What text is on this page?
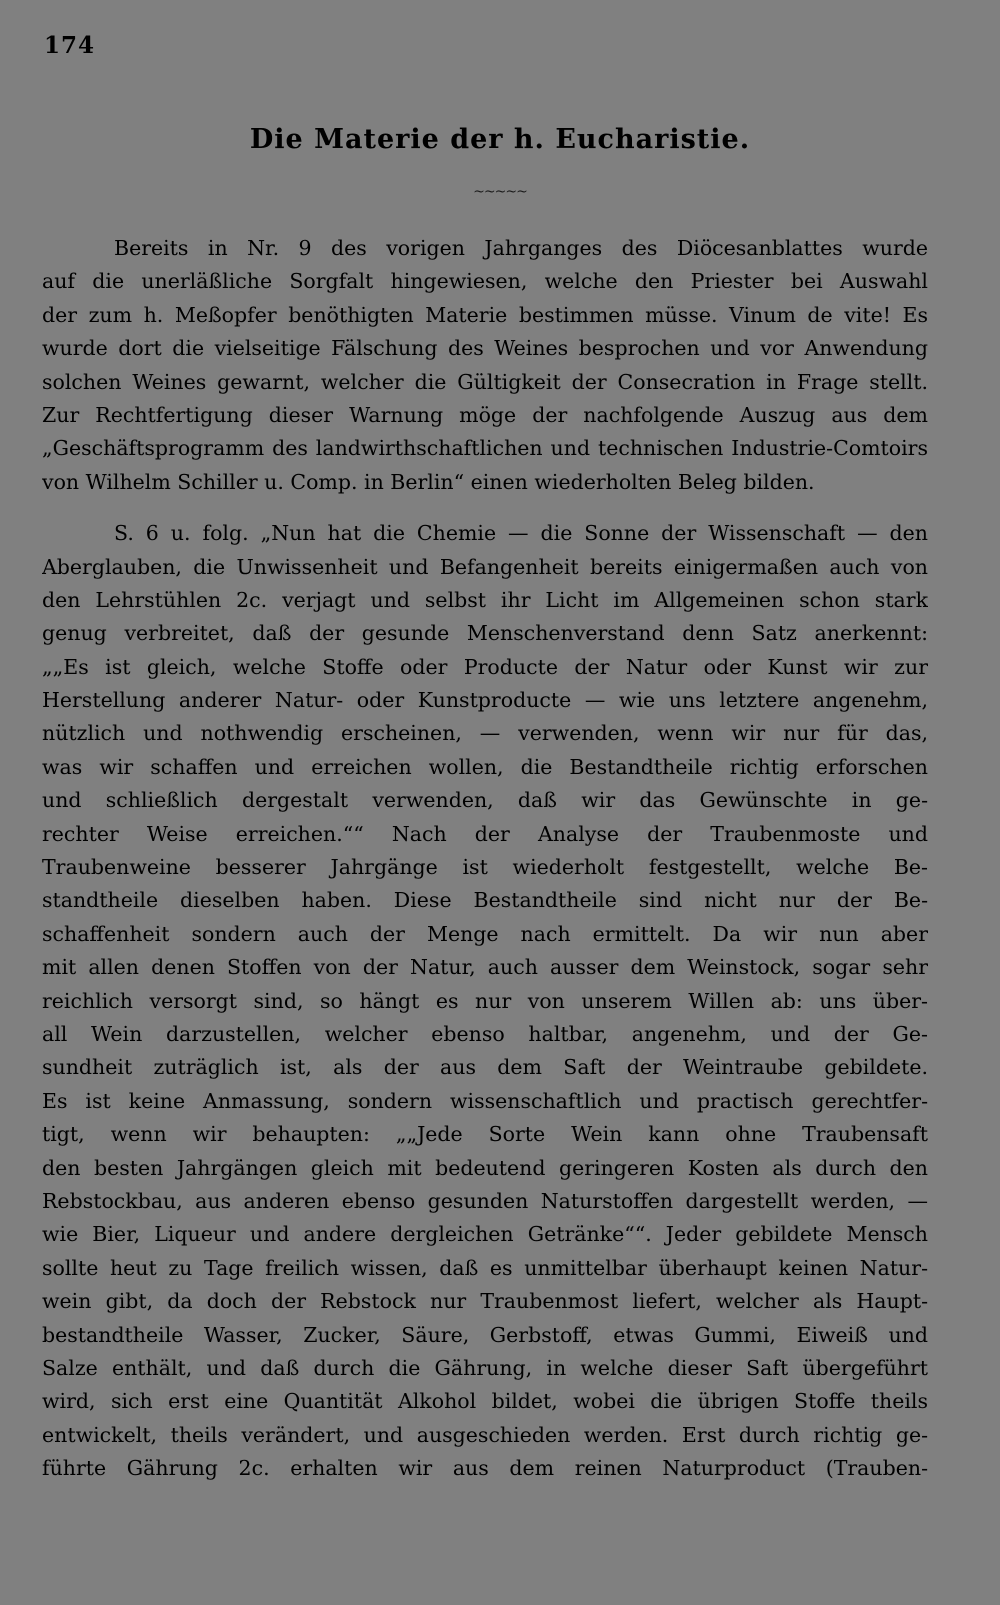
174
Die Materie der h. Eucharistie.
~~~~~
Bereits in Nr. 9 des vorigen Jahrganges des Diöcesanblattes wurde
auf die unerläßliche Sorgfalt hingewiesen, welche den Priester bei Auswahl
der zum h. Meßopfer benöthigten Materie bestimmen müsse. Vinum de vite! Es
wurde dort die vielseitige Fälschung des Weines besprochen und vor Anwendung
solchen Weines gewarnt, welcher die Gültigkeit der Consecration in Frage stellt.
Zur Rechtfertigung dieser Warnung möge der nachfolgende Auszug aus dem
„Geschäftsprogramm des landwirthschaftlichen und technischen Industrie-Comtoirs
von Wilhelm Schiller u. Comp. in Berlin“ einen wiederholten Beleg bilden.
S. 6 u. folg. „Nun hat die Chemie — die Sonne der Wissenschaft — den
Aberglauben, die Unwissenheit und Befangenheit bereits einigermaßen auch von
den Lehrstühlen 2c. verjagt und selbst ihr Licht im Allgemeinen schon stark
genug verbreitet, daß der gesunde Menschenverstand denn Satz anerkennt:
„„Es ist gleich, welche Stoffe oder Producte der Natur oder Kunst wir zur
Herstellung anderer Natur- oder Kunstproducte — wie uns letztere angenehm,
nützlich und nothwendig erscheinen, — verwenden, wenn wir nur für das,
was wir schaffen und erreichen wollen, die Bestandtheile richtig erforschen
und schließlich dergestalt verwenden, daß wir das Gewünschte in ge-
rechter Weise erreichen.““ Nach der Analyse der Traubenmoste und
Traubenweine besserer Jahrgänge ist wiederholt festgestellt, welche Be-
standtheile dieselben haben. Diese Bestandtheile sind nicht nur der Be-
schaffenheit sondern auch der Menge nach ermittelt. Da wir nun aber
mit allen denen Stoffen von der Natur, auch ausser dem Weinstock, sogar sehr
reichlich versorgt sind, so hängt es nur von unserem Willen ab: uns über-
all Wein darzustellen, welcher ebenso haltbar, angenehm, und der Ge-
sundheit zuträglich ist, als der aus dem Saft der Weintraube gebildete.
Es ist keine Anmassung, sondern wissenschaftlich und practisch gerechtfer-
tigt, wenn wir behaupten: „„Jede Sorte Wein kann ohne Traubensaft
den besten Jahrgängen gleich mit bedeutend geringeren Kosten als durch den
Rebstockbau, aus anderen ebenso gesunden Naturstoffen dargestellt werden, —
wie Bier, Liqueur und andere dergleichen Getränke““. Jeder gebildete Mensch
sollte heut zu Tage freilich wissen, daß es unmittelbar überhaupt keinen Natur-
wein gibt, da doch der Rebstock nur Traubenmost liefert, welcher als Haupt-
bestandtheile Wasser, Zucker, Säure, Gerbstoff, etwas Gummi, Eiweiß und
Salze enthält, und daß durch die Gährung, in welche dieser Saft übergeführt
wird, sich erst eine Quantität Alkohol bildet, wobei die übrigen Stoffe theils
entwickelt, theils verändert, und ausgeschieden werden. Erst durch richtig ge-
führte Gährung 2c. erhalten wir aus dem reinen Naturproduct (Trauben-
